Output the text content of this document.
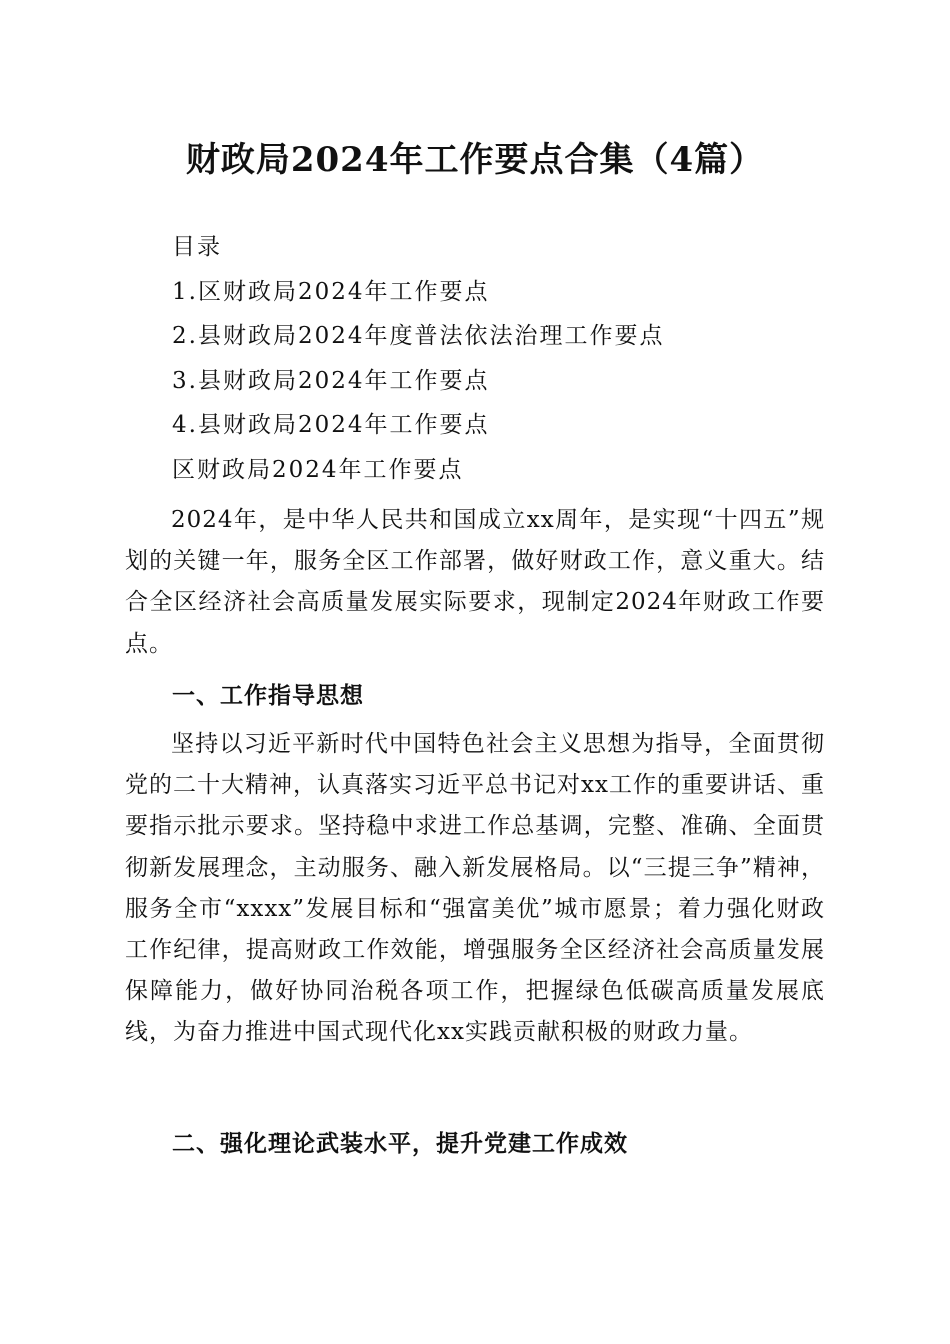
财政局2024年工作要点合集（4篇）
目录
1.区财政局2024年工作要点
2.县财政局2024年度普法依法治理工作要点
3.县财政局2024年工作要点
4.县财政局2024年工作要点
区财政局2024年工作要点

2024年，是中华人民共和国成立xx周年，是实现“十四五”规划的关键一年，服务全区工作部署，做好财政工作，意义重大。结合全区经济社会高质量发展实际要求，现制定2024年财政工作要点。

一、工作指导思想

坚持以习近平新时代中国特色社会主义思想为指导，全面贯彻党的二十大精神，认真落实习近平总书记对xx工作的重要讲话、重要指示批示要求。坚持稳中求进工作总基调，完整、准确、全面贯彻新发展理念，主动服务、融入新发展格局。以“三提三争”精神，服务全市“xxxx”发展目标和“强富美优”城市愿景；着力强化财政工作纪律，提高财政工作效能，增强服务全区经济社会高质量发展保障能力，做好协同治税各项工作，把握绿色低碳高质量发展底线，为奋力推进中国式现代化xx实践贡献积极的财政力量。

二、强化理论武装水平，提升党建工作成效
